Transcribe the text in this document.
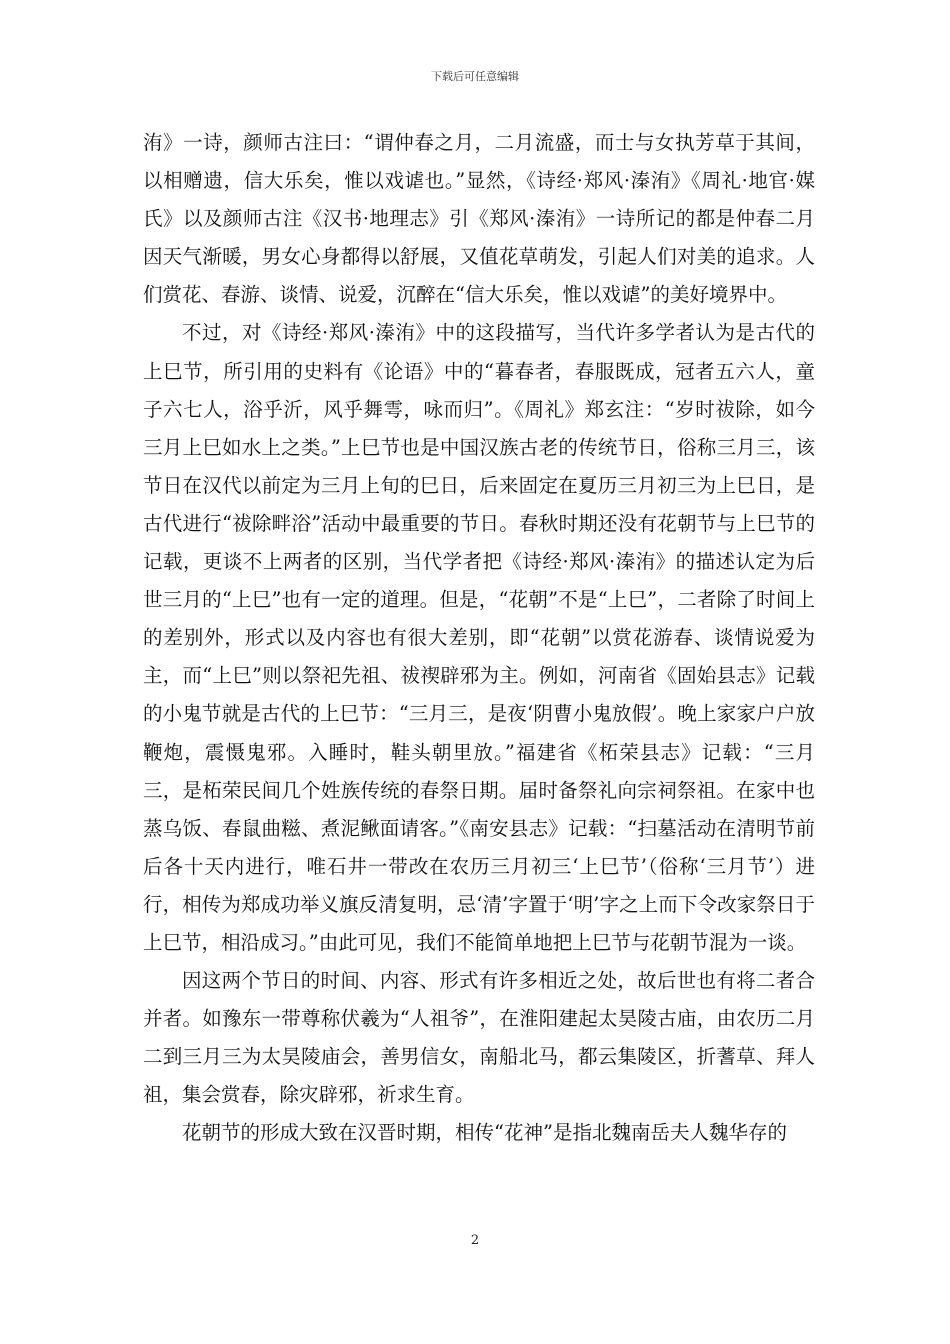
下载后可任意编辑

洧》一诗，颜师古注曰：“谓仲春之月，二月流盛，而士与女执芳草于其间，以相赠遗，信大乐矣，惟以戏谑也。”显然，《诗经·郑风·溱洧》《周礼·地官·媒氏》以及颜师古注《汉书·地理志》引《郑风·溱洧》一诗所记的都是仲春二月因天气渐暖，男女心身都得以舒展，又值花草萌发，引起人们对美的追求。人们赏花、春游、谈情、说爱，沉醉在“信大乐矣，惟以戏谑”的美好境界中。

不过，对《诗经·郑风·溱洧》中的这段描写，当代许多学者认为是古代的上巳节，所引用的史料有《论语》中的“暮春者，春服既成，冠者五六人，童子六七人，浴乎沂，风乎舞雩，咏而归”。《周礼》郑玄注：“岁时祓除，如今三月上巳如水上之类。”上巳节也是中国汉族古老的传统节日，俗称三月三，该节日在汉代以前定为三月上旬的巳日，后来固定在夏历三月初三为上巳日，是古代进行“祓除畔浴”活动中最重要的节日。春秋时期还没有花朝节与上巳节的记载，更谈不上两者的区别，当代学者把《诗经·郑风·溱洧》的描述认定为后世三月的“上巳”也有一定的道理。但是，“花朝”不是“上巳”，二者除了时间上的差别外，形式以及内容也有很大差别，即“花朝”以赏花游春、谈情说爱为主，而“上巳”则以祭祀先祖、祓禊辟邪为主。例如，河南省《固始县志》记载的小鬼节就是古代的上巳节：“三月三，是夜‘阴曹小鬼放假’。晚上家家户户放鞭炮，震慑鬼邪。入睡时，鞋头朝里放。”福建省《柘荣县志》记载：“三月三，是柘荣民间几个姓族传统的春祭日期。届时备祭礼向宗祠祭祖。在家中也蒸乌饭、春鼠曲糍、煮泥鳅面请客。”《南安县志》记载：“扫墓活动在清明节前后各十天内进行，唯石井一带改在农历三月初三‘上巳节’（俗称‘三月节’）进行，相传为郑成功举义旗反清复明，忌‘清’字置于‘明’字之上而下令改家祭日于上巳节，相沿成习。”由此可见，我们不能简单地把上巳节与花朝节混为一谈。

因这两个节日的时间、内容、形式有许多相近之处，故后世也有将二者合并者。如豫东一带尊称伏羲为“人祖爷”，在淮阳建起太昊陵古庙，由农历二月二到三月三为太昊陵庙会，善男信女，南船北马，都云集陵区，折蓍草、拜人祖，集会赏春，除灾辟邪，祈求生育。

花朝节的形成大致在汉晋时期，相传“花神”是指北魏南岳夫人魏华存的

2
